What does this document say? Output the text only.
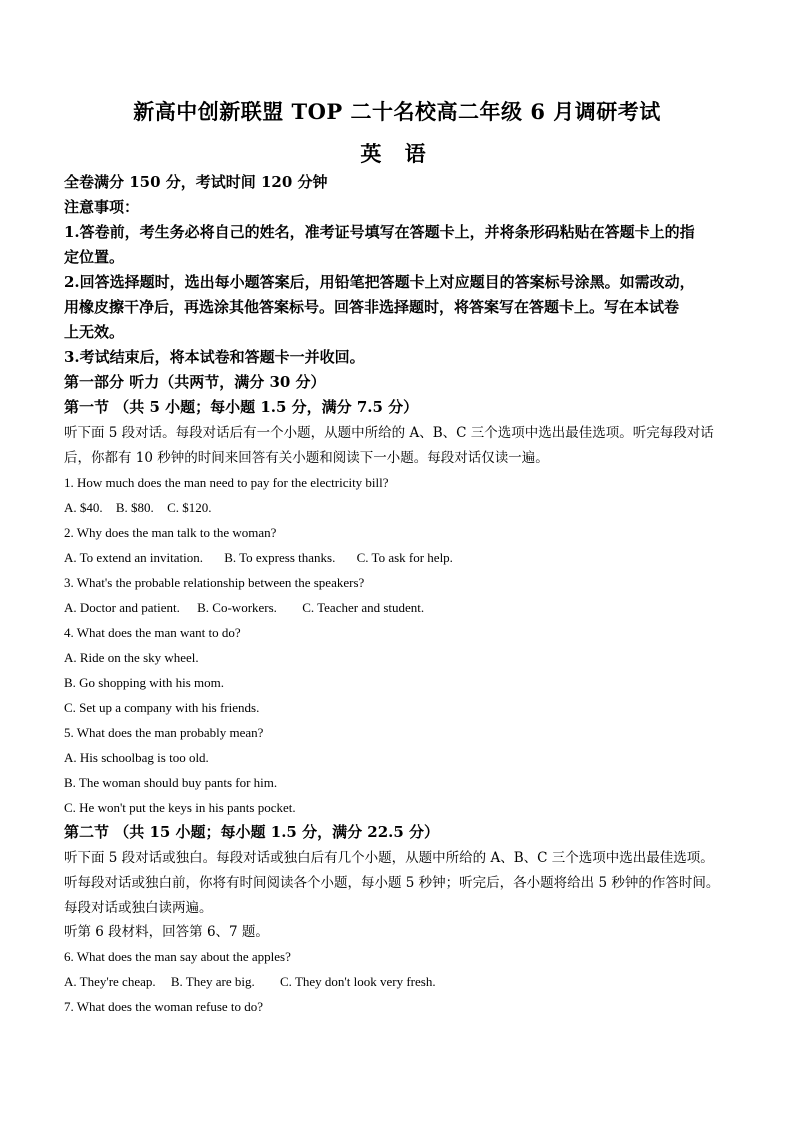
新高中创新联盟 TOP 二十名校高二年级 6 月调研考试
英 语
全卷满分 150 分，考试时间 120 分钟
注意事项：
1.答卷前，考生务必将自己的姓名，准考证号填写在答题卡上，并将条形码粘贴在答题卡上的指
定位置。
2.回答选择题时，选出每小题答案后，用铅笔把答题卡上对应题目的答案标号涂黑。如需改动，
用橡皮擦干净后，再选涂其他答案标号。回答非选择题时，将答案写在答题卡上。写在本试卷
上无效。
3.考试结束后，将本试卷和答题卡一并收回。
第一部分 听力（共两节，满分 30 分）
第一节 （共 5 小题；每小题 1.5 分，满分 7.5 分）
听下面 5 段对话。每段对话后有一个小题，从题中所给的 A、B、C 三个选项中选出最佳选项。听完每段对话
后，你都有 10 秒钟的时间来回答有关小题和阅读下一小题。每段对话仅读一遍。
1. How much does the man need to pay for the electricity bill?
A. $40. B. $80. C. $120.
2. Why does the man talk to the woman?
A. To extend an invitation. B. To express thanks. C. To ask for help.
3. What's the probable relationship between the speakers?
A. Doctor and patient. B. Co-workers. C. Teacher and student.
4. What does the man want to do?
A. Ride on the sky wheel.
B. Go shopping with his mom.
C. Set up a company with his friends.
5. What does the man probably mean?
A. His schoolbag is too old.
B. The woman should buy pants for him.
C. He won't put the keys in his pants pocket.
第二节 （共 15 小题；每小题 1.5 分，满分 22.5 分）
听下面 5 段对话或独白。每段对话或独白后有几个小题，从题中所给的 A、B、C 三个选项中选出最佳选项。
听每段对话或独白前，你将有时间阅读各个小题，每小题 5 秒钟；听完后，各小题将给出 5 秒钟的作答时间。
每段对话或独白读两遍。
听第 6 段材料，回答第 6、7 题。
6. What does the man say about the apples?
A. They're cheap. B. They are big. C. They don't look very fresh.
7. What does the woman refuse to do?
